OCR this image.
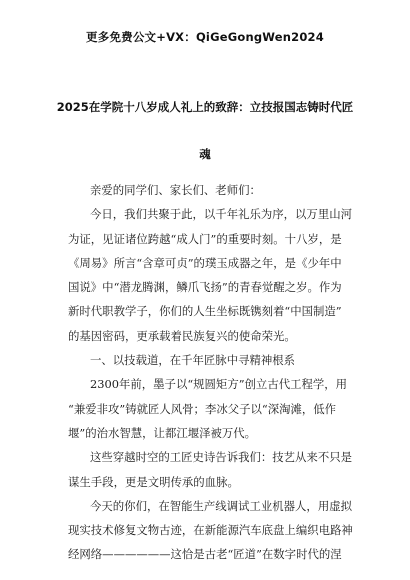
更多免费公文+VX：QiGeGongWen2024
2025在学院十八岁成人礼上的致辞：立技报国志铸时代匠
魂
亲爱的同学们、家长们、老师们：
今日，我们共聚于此，以千年礼乐为序，以万里山河
为证，见证诸位跨越“成人门”的重要时刻。十八岁，是
《周易》所言“含章可贞”的璞玉成器之年，是《少年中
国说》中“潜龙腾渊，鳞爪飞扬”的青春觉醒之岁。作为
新时代职教学子，你们的人生坐标既镌刻着“中国制造”
的基因密码，更承载着民族复兴的使命荣光。
一、以技载道，在千年匠脉中寻精神根系
2300年前，墨子以“规圆矩方”创立古代工程学，用
“兼爱非攻”铸就匠人风骨；李冰父子以“深淘滩，低作
堰”的治水智慧，让都江堰泽被万代。
这些穿越时空的工匠史诗告诉我们：技艺从来不只是
谋生手段，更是文明传承的血脉。
今天的你们，在智能生产线调试工业机器人，用虚拟
现实技术修复文物古迹，在新能源汽车底盘上编织电路神
经网络——————这恰是古老“匠道”在数字时代的涅
